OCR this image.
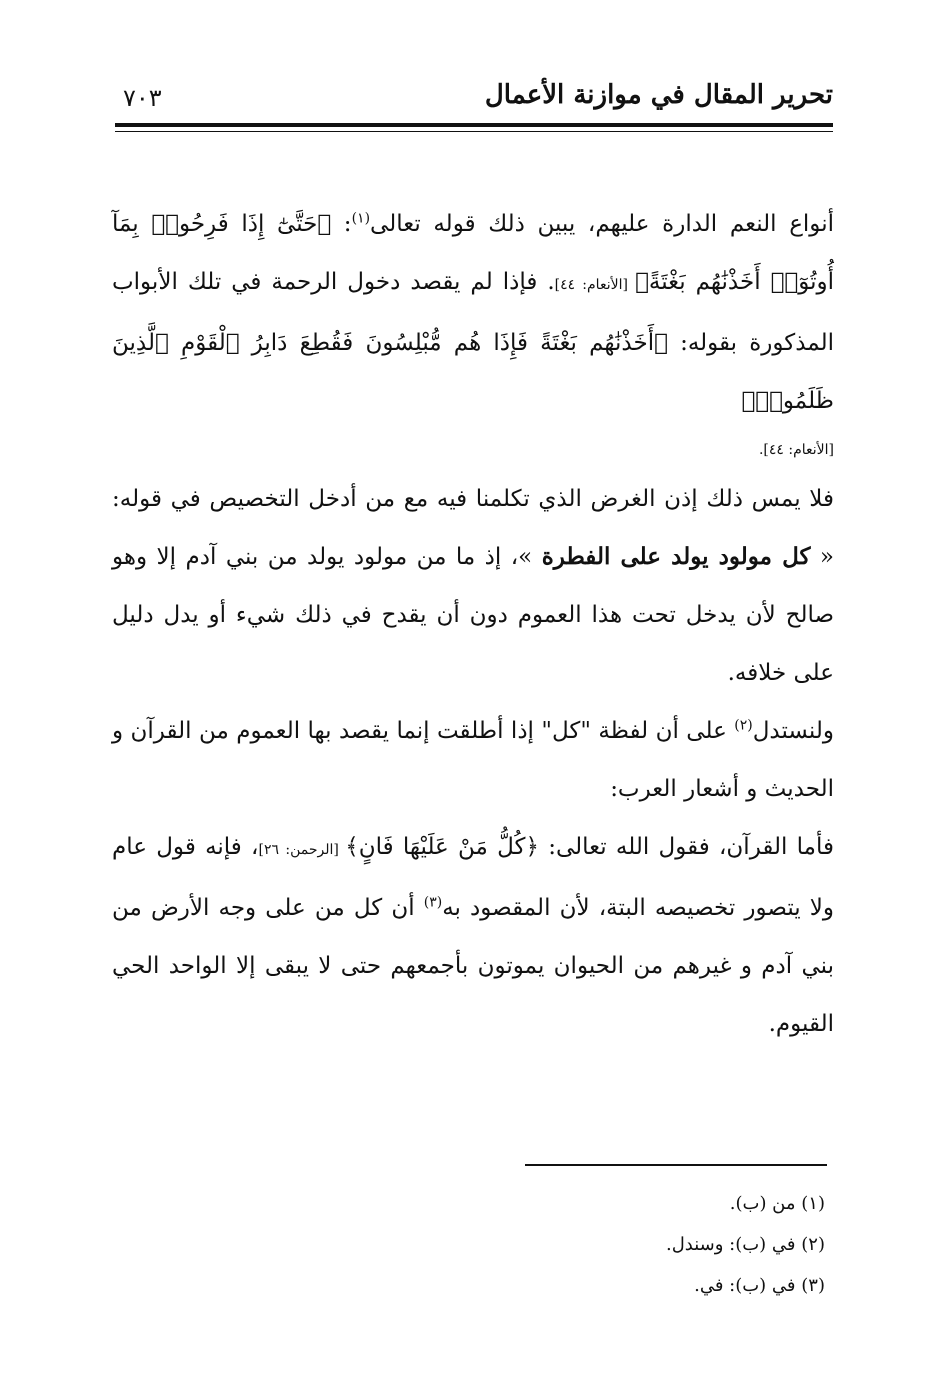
٧٠٣	تحرير المقال في موازنة الأعمال

أنواع النعم الدارة عليهم، يبين ذلك قوله تعالى$^{(١)}$: ﴿حَتَّىٰٓ إِذَا فَرِحُوا۟ بِمَآ أُوتُوٓا۟ أَخَذْنَٰهُم بَغْتَةً﴾ [الأنعام: ٤٤]. فإذا لم يقصد دخول الرحمة في تلك الأبواب المذكورة بقوله: ﴿أَخَذْنَٰهُم بَغْتَةً فَإِذَا هُم مُّبْلِسُونَ فَقُطِعَ دَابِرُ ٱلْقَوْمِ ٱلَّذِينَ ظَلَمُوا۟﴾

[الأنعام: ٤٤].

فلا يمس ذلك إذن الغرض الذي تكلمنا فيه مع من أدخل التخصيص في قوله: « كل مولود يولد على الفطرة »، إذ ما من مولود يولد من بني آدم إلا وهو صالح لأن يدخل تحت هذا العموم دون أن يقدح في ذلك شيء أو يدل دليل على خلافه.

ولنستدل$^{(٢)}$ على أن لفظة "كل" إذا أطلقت إنما يقصد بها العموم من القرآن و الحديث و أشعار العرب:

فأما القرآن، فقول الله تعالى: ﴿كُلُّ مَنْ عَلَيْهَا فَانٍ﴾ [الرحمن: ٢٦]، فإنه قول عام ولا يتصور تخصيصه البتة، لأن المقصود به$^{(٣)}$ أن كل من على وجه الأرض من بني آدم و غيرهم من الحيوان يموتون بأجمعهم حتى لا يبقى إلا الواحد الحي القيوم.

(١) من (ب).

(٢) في (ب): وسندل.

(٣) في (ب): في.
